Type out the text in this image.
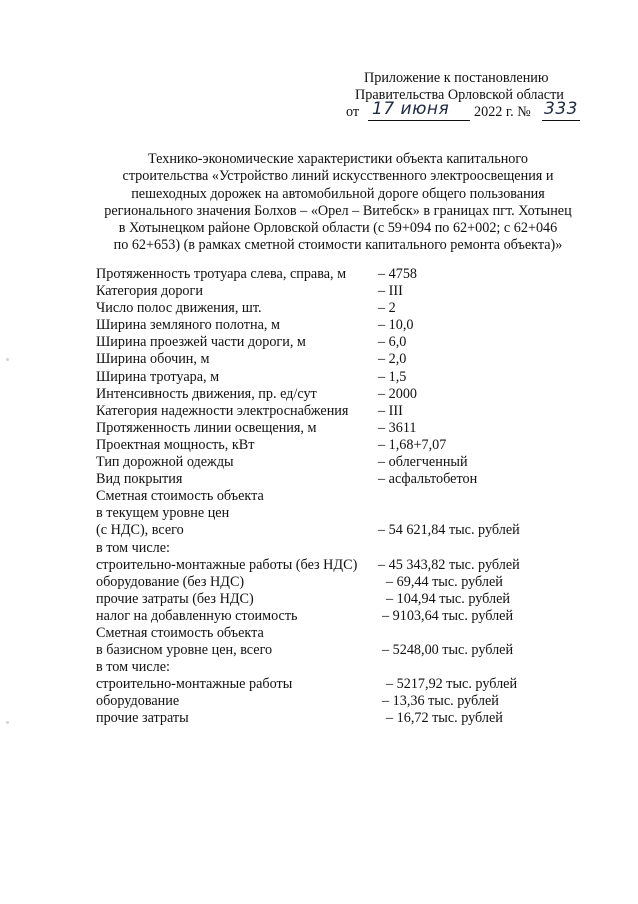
Приложение к постановлению
Правительства Орловской области
от 17 июня 2022 г. № 333
Технико-экономические характеристики объекта капитального
строительства «Устройство линий искусственного электроосвещения и
пешеходных дорожек на автомобильной дороге общего пользования
регионального значения Болхов – «Орел – Витебск» в границах пгт. Хотынец
в Хотынецком районе Орловской области (с 59+094 по 62+002; с 62+046
по 62+653) (в рамках сметной стоимости капитального ремонта объекта)»
Протяженность тротуара слева, справа, м – 4758
Категория дороги	– III
Число полос движения, шт.	– 2
Ширина земляного полотна, м	– 10,0
Ширина проезжей части дороги, м	– 6,0
Ширина обочин, м	– 2,0
Ширина тротуара, м	– 1,5
Интенсивность движения, пр. ед/сут	– 2000
Категория надежности электроснабжения – III
Протяженность линии освещения, м	– 3611
Проектная мощность, кВт	– 1,68+7,07
Тип дорожной одежды	– облегченный
Вид покрытия	– асфальтобетон
Сметная стоимость объекта
в текущем уровне цен
(с НДС), всего	– 54 621,84 тыс. рублей
в том числе:
строительно-монтажные работы (без НДС) – 45 343,82 тыс. рублей
оборудование (без НДС)	– 69,44 тыс. рублей
прочие затраты (без НДС)	– 104,94 тыс. рублей
налог на добавленную стоимость	– 9103,64 тыс. рублей
Сметная стоимость объекта
в базисном уровне цен, всего	– 5248,00 тыс. рублей
в том числе:
строительно-монтажные работы	– 5217,92 тыс. рублей
оборудование	– 13,36 тыс. рублей
прочие затраты	– 16,72 тыс. рублей
